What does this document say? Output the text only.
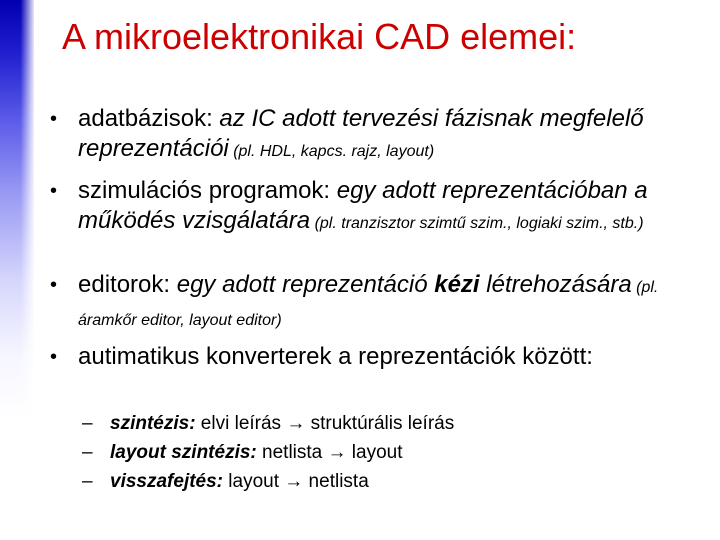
A mikroelektronikai CAD elemei:
• adatbázisok: az IC adott tervezési fázisnak megfelelő reprezentációi (pl. HDL, kapcs. rajz, layout)
• szimulációs programok: egy adott reprezentációban a működés vzisgálatára (pl. tranzisztor szimtű szim., logiaki szim., stb.)
• editorok: egy adott reprezentáció kézi létrehozására (pl. áramkőr editor, layout editor)
• autimatikus konverterek a reprezentációk között:
– szintézis: elvi leírás → struktúrális leírás
– layout szintézis: netlista → layout
– visszafejtés: layout → netlista
